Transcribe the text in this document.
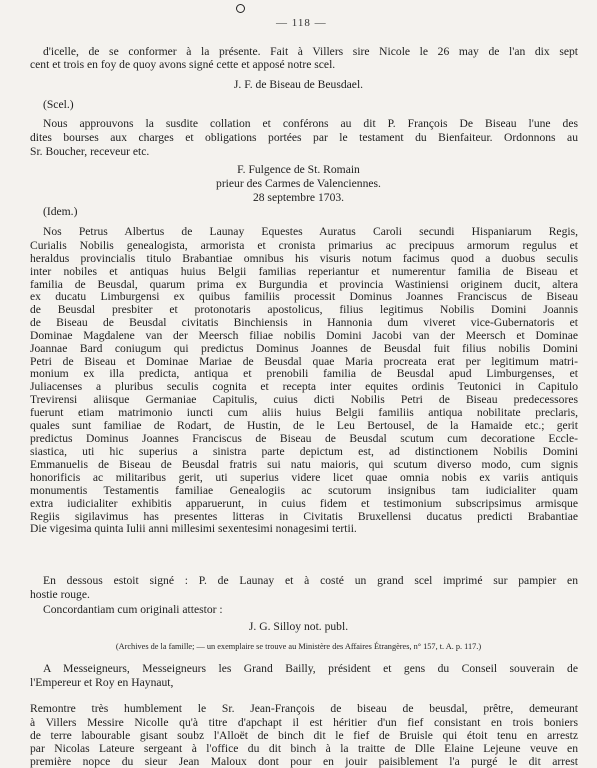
— 118 —
d'icelle, de se conformer à la présente. Fait à Villers sire Nicole le 26 may de l'an dix sept
cent et trois en foy de quoy avons signé cette et apposé notre scel.
J. F. de Biseau de Beusdael.
(Scel.)
Nous approuvons la susdite collation et conférons au dit P. François De Biseau l'une des
dites bourses aux charges et obligations portées par le testament du Bienfaiteur. Ordonnons au
Sr. Boucher, receveur etc.
F. Fulgence de St. Romain
prieur des Carmes de Valenciennes.
28 septembre 1703.
(Idem.)
Nos Petrus Albertus de Launay Equestes Auratus Caroli secundi Hispaniarum Regis,
Curialis Nobilis genealogista, armorista et cronista primarius ac precipuus armorum regulus et
heraldus provincialis titulo Brabantiae omnibus his visuris notum facimus quod a duobus seculis
inter nobiles et antiquas huius Belgii familias reperiantur et numerentur familia de Biseau et
familia de Beusdal, quarum prima ex Burgundia et provincia Wastiniensi originem ducit, altera
ex ducatu Limburgensi ex quibus familiis processit Dominus Joannes Franciscus de Biseau
de Beusdal presbiter et protonotaris apostolicus, filius legitimus Nobilis Domini Joannis
de Biseau de Beusdal civitatis Binchiensis in Hannonia dum viveret vice-Gubernatoris et
Dominae Magdalene van der Meersch filiae nobilis Domini Jacobi van der Meersch et Dominae
Joannae Bard coniugum qui predictus Dominus Joannes de Beusdal fuit filius nobilis Domini
Petri de Biseau et Dominae Mariae de Beusdal quae Maria procreata erat per legitimum matri-
monium ex illa predicta, antiqua et prenobili familia de Beusdal apud Limburgenses, et
Juliacenses a pluribus seculis cognita et recepta inter equites ordinis Teutonici in Capitulo
Trevirensi aliisque Germaniae Capitulis, cuius dicti Nobilis Petri de Biseau predecessores
fuerunt etiam matrimonio iuncti cum aliis huius Belgii familiis antiqua nobilitate preclaris,
quales sunt familiae de Rodart, de Hustin, de le Leu Bertousel, de la Hamaide etc.; gerit
predictus Dominus Joannes Franciscus de Biseau de Beusdal scutum cum decoratione Eccle-
siastica, uti hic superius a sinistra parte depictum est, ad distinctionem Nobilis Domini
Emmanuelis de Biseau de Beusdal fratris sui natu maioris, qui scutum diverso modo, cum signis
honorificis ac militaribus gerit, uti superius videre licet quae omnia nobis ex variis antiquis
monumentis Testamentis familiae Genealogiis ac scutorum insignibus tam iudicialiter quam
extra iudicialiter exhibitis apparuerunt, in cuius fidem et testimonium subscripsimus armisque
Regiis sigilavimus has presentes litteras in Civitatis Bruxellensi ducatus predicti Brabantiae
Die vigesima quinta Iulii anni millesimi sexentesimi nonagesimi tertii.
En dessous estoit signé : P. de Launay et à costé un grand scel imprimé sur pampier en
hostie rouge.
Concordantiam cum originali attestor :
J. G. Silloy not. publ.
(Archives de la famille; — un exemplaire se trouve au Ministère des Affaires Étrangères, n° 157, t. A. p. 117.)
A Messeigneurs, Messeigneurs les Grand Bailly, président et gens du Conseil souverain de
l'Empereur et Roy en Haynaut,
Remontre très humblement le Sr. Jean-François de biseau de beusdal, prêtre, demeurant
à Villers Messire Nicolle qu'à titre d'apchapt il est héritier d'un fief consistant en trois boniers
de terre labourable gisant soubz l'Alloët de binch dit le fief de Bruisle qui étoit tenu en arrestz
par Nicolas Lateure sergeant à l'office du dit binch à la traitte de Dlle Elaine Lejeune veuve en
première nopce du sieur Jean Maloux dont pour en jouir paisiblement l'a purgé le dit arrest
